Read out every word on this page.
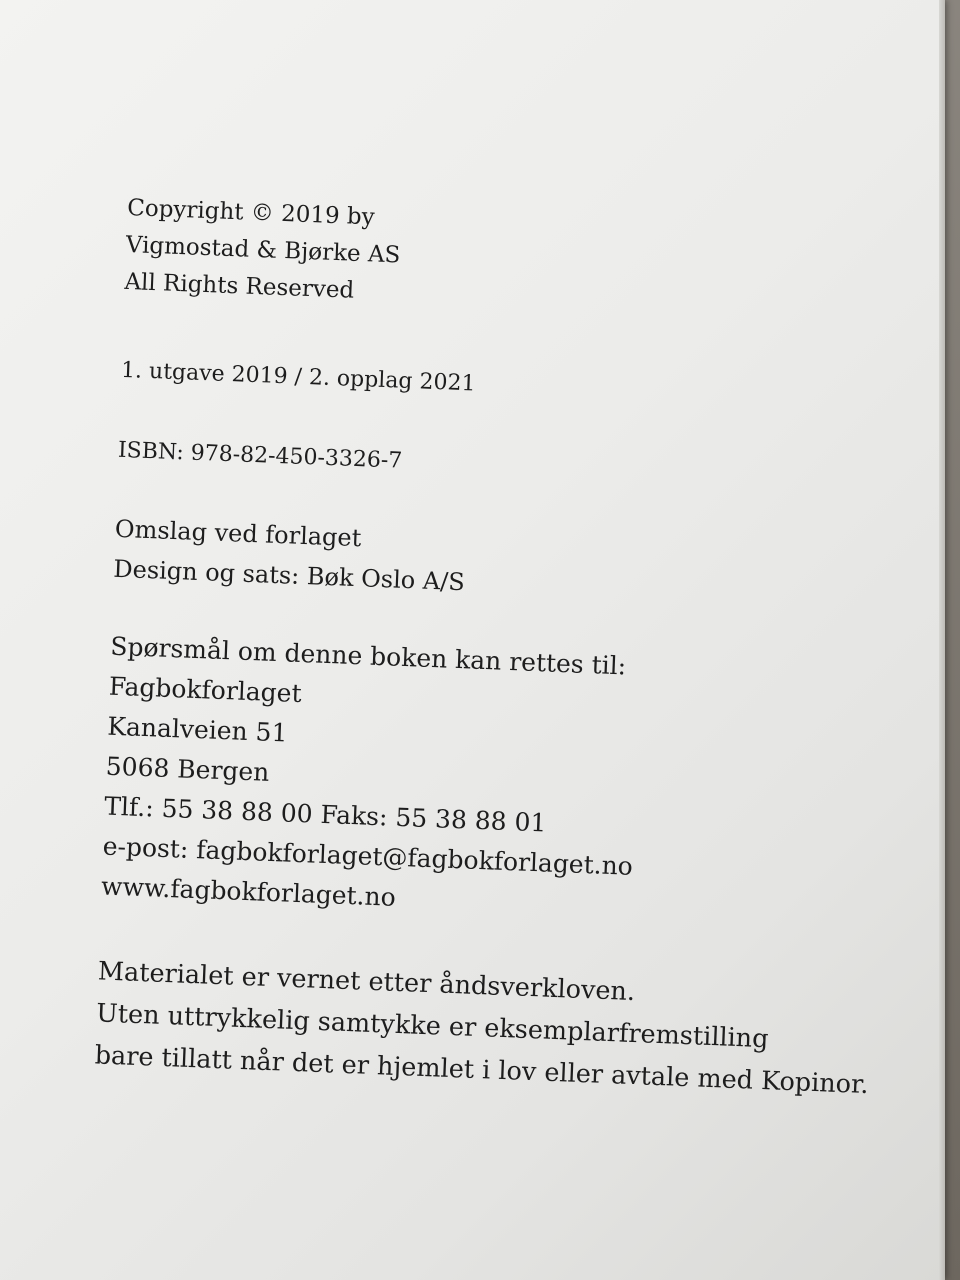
Copyright © 2019 by
Vigmostad & Bjørke AS
All Rights Reserved
1. utgave 2019 / 2. opplag 2021
ISBN: 978-82-450-3326-7
Omslag ved forlaget
Design og sats: Bøk Oslo A/S
Spørsmål om denne boken kan rettes til:
Fagbokforlaget
Kanalveien 51
5068 Bergen
Tlf.: 55 38 88 00 Faks: 55 38 88 01
e-post: fagbokforlaget@fagbokforlaget.no
www.fagbokforlaget.no
Materialet er vernet etter åndsverkloven.
Uten uttrykkelig samtykke er eksemplarfremstilling
bare tillatt når det er hjemlet i lov eller avtale med Kopinor.
